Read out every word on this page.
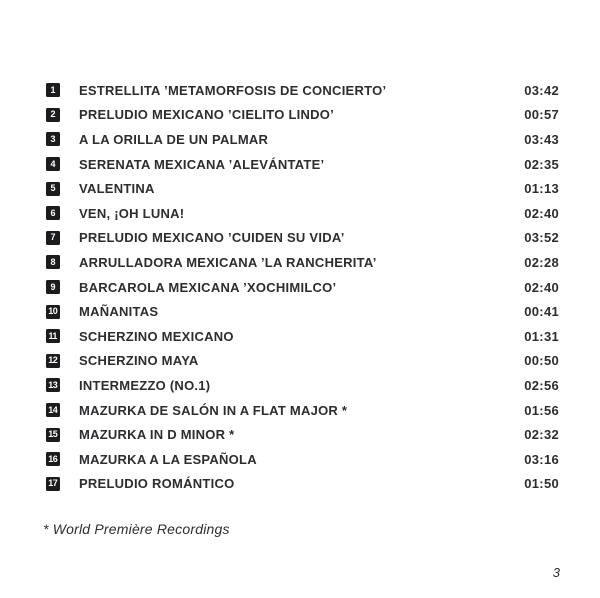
1 ESTRELLITA ’METAMORFOSIS DE CONCIERTO’	03:42
2 PRELUDIO MEXICANO ’CIELITO LINDO’	00:57
3 A LA ORILLA DE UN PALMAR	03:43
4 SERENATA MEXICANA ’ALEVÁNTATE’	02:35
5 VALENTINA	01:13
6 VEN, ¡OH LUNA!	02:40
7 PRELUDIO MEXICANO ’CUIDEN SU VIDA’	03:52
8 ARRULLADORA MEXICANA ’LA RANCHERITA’	02:28
9 BARCAROLA MEXICANA ’XOCHIMILCO’	02:40
10 MAÑANITAS	00:41
11 SCHERZINO MEXICANO	01:31
12 SCHERZINO MAYA	00:50
13 INTERMEZZO (NO.1)	02:56
14 MAZURKA DE SALÓN IN A FLAT MAJOR *	01:56
15 MAZURKA IN D MINOR *	02:32
16 MAZURKA A LA ESPAÑOLA	03:16
17 PRELUDIO ROMÁNTICO	01:50
* World Première Recordings
3
